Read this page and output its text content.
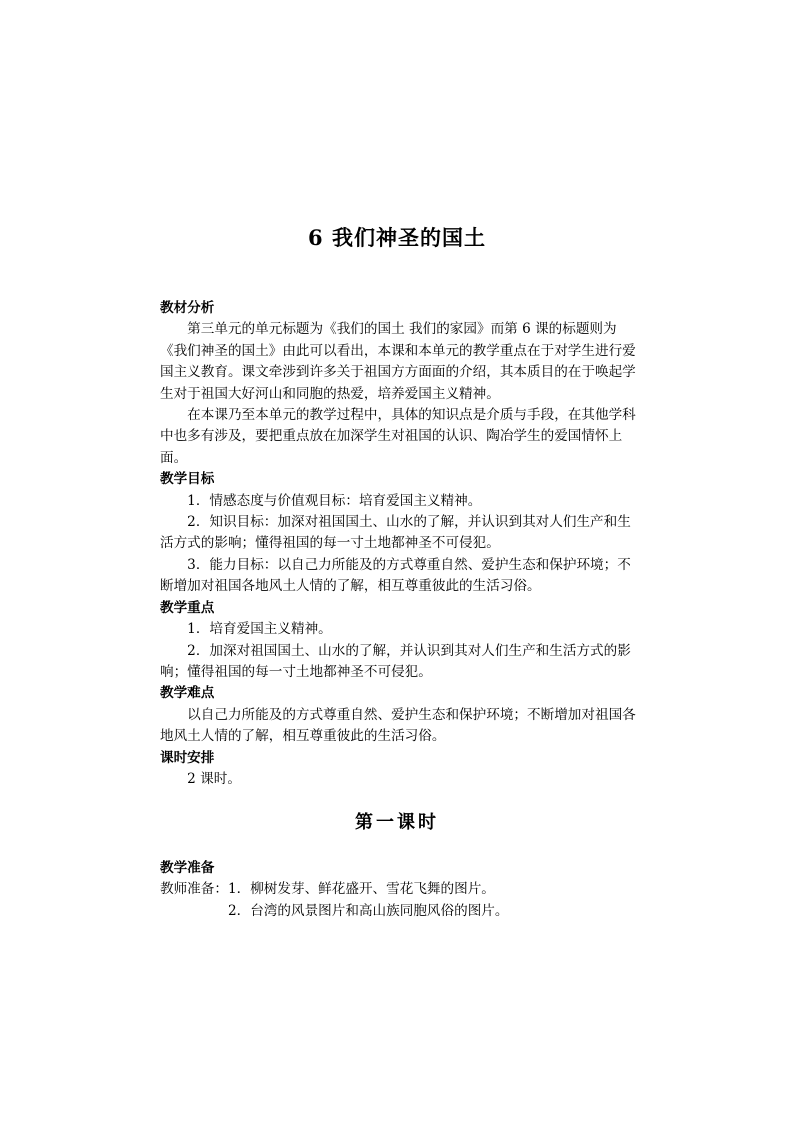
6 我们神圣的国土

教材分析

　　第三单元的单元标题为《我们的国土 我们的家园》而第 6 课的标题则为《我们神圣的国土》由此可以看出，本课和本单元的教学重点在于对学生进行爱国主义教育。课文牵涉到许多关于祖国方方面面的介绍，其本质目的在于唤起学生对于祖国大好河山和同胞的热爱，培养爱国主义精神。

　　在本课乃至本单元的教学过程中，具体的知识点是介质与手段，在其他学科中也多有涉及，要把重点放在加深学生对祖国的认识、陶冶学生的爱国情怀上面。

教学目标

　　1．情感态度与价值观目标：培育爱国主义精神。

　　2．知识目标：加深对祖国国土、山水的了解，并认识到其对人们生产和生活方式的影响；懂得祖国的每一寸土地都神圣不可侵犯。

　　3．能力目标：以自己力所能及的方式尊重自然、爱护生态和保护环境；不断增加对祖国各地风土人情的了解，相互尊重彼此的生活习俗。

教学重点

　　1．培育爱国主义精神。

　　2．加深对祖国国土、山水的了解，并认识到其对人们生产和生活方式的影响；懂得祖国的每一寸土地都神圣不可侵犯。

教学难点

　　以自己力所能及的方式尊重自然、爱护生态和保护环境；不断增加对祖国各地风土人情的了解，相互尊重彼此的生活习俗。

课时安排

　　2 课时。

第一课时

教学准备

教师准备： 1．柳树发芽、鲜花盛开、雪花飞舞的图片。
2．台湾的风景图片和高山族同胞风俗的图片。
